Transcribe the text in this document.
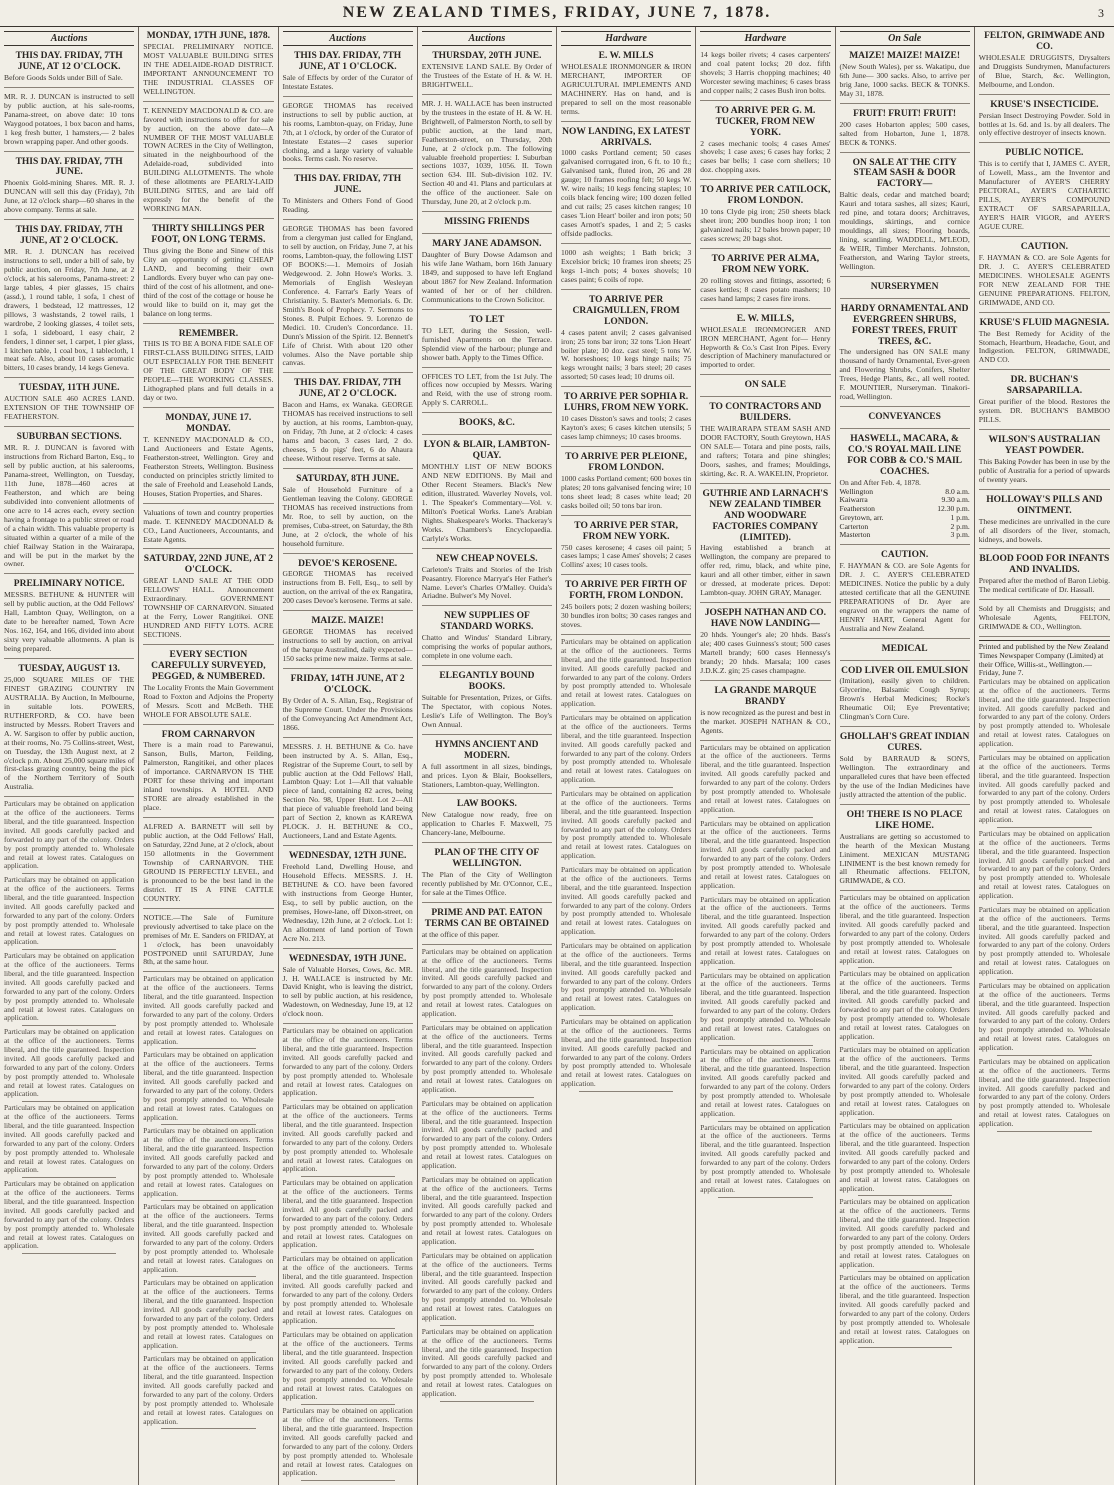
NEW ZEALAND TIMES, FRIDAY, JUNE 7, 1878.	3
Auctions
THIS DAY. FRIDAY, 7TH JUNE, AT 12 O'CLOCK.
Before Goods Solds under Bill of Sale.
MR. R. J. DUNCAN is instructed to sell by public auction, at his sale-rooms, Panama-street, on above date: 10 tons Waygood potatoes, 1 box bacon and hams, 1 keg fresh butter, 1 hamsters,— 2 bales brown wrapping paper. And other goods.
THIS DAY. FRIDAY, 7TH JUNE.
Phoenix Gold-mining Shares. MR. R. J. DUNCAN will sell this day (Friday), 7th June, at 12 o'clock sharp—60 shares in the above company. Terms at sale.
THIS DAY. FRIDAY, 7TH JUNE, AT 2 O'CLOCK.
MR. R. J. DUNCAN has received instructions to sell, under a bill of sale, by public auction, on Friday, 7th June, at 2 o'clock, at his salerooms, Panama-street: 2 large tables, 4 pier glasses, 15 chairs (assd.), 1 round table, 1 sofa, 1 chest of drawers, 1 bedstead, 12 mattresses, 12 pillows, 3 washstands, 2 towel rails, 1 wardrobe, 2 looking glasses, 4 toilet sets, 1 sofa, 1 sideboard, 1 easy chair, 2 fenders, 1 dinner set, 1 carpet, 1 pier glass, 1 kitchen table, 1 coal box, 1 tablecloth, 1 meat safe. Also, about 10 cases aromatic bitters, 10 cases brandy, 14 kegs Geneva.
TUESDAY, 11TH JUNE.
AUCTION SALE 460 ACRES LAND. EXTENSION OF THE TOWNSHIP OF FEATHERSTON.
SUBURBAN SECTIONS.
MR. R. J. DUNCAN is favored with instructions from Richard Barton, Esq., to sell by public auction, at his salerooms, Panama-street, Wellington, on Tuesday, 11th June, 1878—460 acres at Featherston, and which are being subdivided into convenient allotments of one acre to 14 acres each, every section having a frontage to a public street or road of a chain width. This valuable property is situated within a quarter of a mile of the chief Railway Station in the Wairarapa, and will be put in the market by the owner.
PRELIMINARY NOTICE.
MESSRS. BETHUNE & HUNTER will sell by public auction, at the Odd Fellows' Hall, Lambton Quay, Wellington, on a date to be hereafter named, Town Acre Nos. 162, 164, and 166, divided into about sixty very valuable allotments. A plan is being prepared.
TUESDAY, AUGUST 13.
25,000 SQUARE MILES OF THE FINEST GRAZING COUNTRY IN AUSTRALIA. By Auction, In Melbourne, in suitable lots. POWERS, RUTHERFORD, & CO. have been instructed by Messrs. Robert Travers and A. W. Sargison to offer by public auction, at their rooms, No. 75 Collins-street, West, on Tuesday, the 13th August next, at 2 o'clock p.m. About 25,000 square miles of first-class grazing country, being the pick of the Northern Territory of South Australia.
Particulars may be obtained on application at the office of the auctioneers. Terms liberal, and the title guaranteed. Inspection invited. All goods carefully packed and forwarded to any part of the colony. Orders by post promptly attended to. Wholesale and retail at lowest rates. Catalogues on application.
Particulars may be obtained on application at the office of the auctioneers. Terms liberal, and the title guaranteed. Inspection invited. All goods carefully packed and forwarded to any part of the colony. Orders by post promptly attended to. Wholesale and retail at lowest rates. Catalogues on application.
Particulars may be obtained on application at the office of the auctioneers. Terms liberal, and the title guaranteed. Inspection invited. All goods carefully packed and forwarded to any part of the colony. Orders by post promptly attended to. Wholesale and retail at lowest rates. Catalogues on application.
Particulars may be obtained on application at the office of the auctioneers. Terms liberal, and the title guaranteed. Inspection invited. All goods carefully packed and forwarded to any part of the colony. Orders by post promptly attended to. Wholesale and retail at lowest rates. Catalogues on application.
Particulars may be obtained on application at the office of the auctioneers. Terms liberal, and the title guaranteed. Inspection invited. All goods carefully packed and forwarded to any part of the colony. Orders by post promptly attended to. Wholesale and retail at lowest rates. Catalogues on application.
Particulars may be obtained on application at the office of the auctioneers. Terms liberal, and the title guaranteed. Inspection invited. All goods carefully packed and forwarded to any part of the colony. Orders by post promptly attended to. Wholesale and retail at lowest rates. Catalogues on application.
MONDAY, 17TH JUNE, 1878.
SPECIAL PRELIMINARY NOTICE. MOST VALUABLE BUILDING SITES IN THE ADELAIDE-ROAD DISTRICT. IMPORTANT ANNOUNCEMENT TO THE INDUSTRIAL CLASSES OF WELLINGTON.
T. KENNEDY MACDONALD & CO. are favored with instructions to offer for sale by auction, on the above date—A NUMBER OF THE MOST VALUABLE TOWN ACRES in the City of Wellington, situated in the neighbourhood of the Adelaide-road, subdivided into BUILDING ALLOTMENTS. The whole of these allotments are PEARLY-LAID BUILDING SITES, and are laid off expressly for the benefit of the WORKING MAN.
THIRTY SHILLINGS PER FOOT, ON LONG TERMS.
Thus giving the Bone and Sinew of this City an opportunity of getting CHEAP LAND, and becoming their own Landlords. Every buyer who can pay one-third of the cost of his allotment, and one-third of the cost of the cottage or house he would like to build on it, may get the balance on long terms.
REMEMBER.
THIS IS TO BE A BONA FIDE SALE OF FIRST-CLASS BUILDING SITES, LAID OUT ESPECIALLY FOR THE BENEFIT OF THE GREAT BODY OF THE PEOPLE—THE WORKING CLASSES. Lithographed plans and full details in a day or two.
MONDAY, JUNE 17. MONDAY.
T. KENNEDY MACDONALD & CO., Land Auctioneers and Estate Agents, Featherston-street, Wellington. Grey and Featherston Streets, Wellington. Business conducted on principles strictly limited to the sale of Freehold and Leasehold Lands, Houses, Station Properties, and Shares.
Valuations of town and country properties made. T. KENNEDY MACDONALD & CO., Land Auctioneers, Accountants, and Estate Agents.
SATURDAY, 22ND JUNE, AT 2 O'CLOCK.
GREAT LAND SALE AT THE ODD FELLOWS' HALL. Announcement Extraordinary. GOVERNMENT TOWNSHIP OF CARNARVON. Situated at the Ferry, Lower Rangitikei. ONE HUNDRED AND FIFTY LOTS. ACRE SECTIONS.
EVERY SECTION CAREFULLY SURVEYED, PEGGED, & NUMBERED.
The Locality Fronts the Main Government Road to Foxton and Adjoins the Property of Messrs. Scott and McBeth. THE WHOLE FOR ABSOLUTE SALE.
FROM CARNARVON
There is a main road to Parewanui, Sanson, Bulls, Marton, Feilding, Palmerston, Rangitikei, and other places of importance. CARNARVON IS THE PORT for these thriving and important inland townships. A HOTEL AND STORE are already established in the place.
ALFRED A. BARNETT will sell by public auction, at the Odd Fellows' Hall, on Saturday, 22nd June, at 2 o'clock, about 150 allotments in the Government Township of CARNARVON. THE GROUND IS PERFECTLY LEVEL, and is pronounced to be the best land in the district. IT IS A FINE CATTLE COUNTRY.
NOTICE.—The Sale of Furniture previously advertised to take place on the premises of Mr. E. Sanders on FRIDAY, at 1 o'clock, has been unavoidably POSTPONED until SATURDAY, June 8th, at the same hour.
Particulars may be obtained on application at the office of the auctioneers. Terms liberal, and the title guaranteed. Inspection invited. All goods carefully packed and forwarded to any part of the colony. Orders by post promptly attended to. Wholesale and retail at lowest rates. Catalogues on application.
Particulars may be obtained on application at the office of the auctioneers. Terms liberal, and the title guaranteed. Inspection invited. All goods carefully packed and forwarded to any part of the colony. Orders by post promptly attended to. Wholesale and retail at lowest rates. Catalogues on application.
Particulars may be obtained on application at the office of the auctioneers. Terms liberal, and the title guaranteed. Inspection invited. All goods carefully packed and forwarded to any part of the colony. Orders by post promptly attended to. Wholesale and retail at lowest rates. Catalogues on application.
Particulars may be obtained on application at the office of the auctioneers. Terms liberal, and the title guaranteed. Inspection invited. All goods carefully packed and forwarded to any part of the colony. Orders by post promptly attended to. Wholesale and retail at lowest rates. Catalogues on application.
Particulars may be obtained on application at the office of the auctioneers. Terms liberal, and the title guaranteed. Inspection invited. All goods carefully packed and forwarded to any part of the colony. Orders by post promptly attended to. Wholesale and retail at lowest rates. Catalogues on application.
Particulars may be obtained on application at the office of the auctioneers. Terms liberal, and the title guaranteed. Inspection invited. All goods carefully packed and forwarded to any part of the colony. Orders by post promptly attended to. Wholesale and retail at lowest rates. Catalogues on application.
Auctions
THIS DAY. FRIDAY, 7TH JUNE, AT 1 O'CLOCK.
Sale of Effects by order of the Curator of Intestate Estates.
GEORGE THOMAS has received instructions to sell by public auction, at his rooms, Lambton-quay, on Friday, June 7th, at 1 o'clock, by order of the Curator of Intestate Estates—2 cases superior clothing, and a large variety of valuable books. Terms cash. No reserve.
THIS DAY. FRIDAY, 7TH JUNE.
To Ministers and Others Fond of Good Reading.
GEORGE THOMAS has been favored from a clergyman just called for England, to sell by auction, on Friday, June 7, at his rooms, Lambton-quay, the following LIST OF BOOKS:—1. Memoirs of Josiah Wedgewood. 2. John Howe's Works. 3. Memorials of English Wesleyan Conference. 4. Farrar's Early Years of Christianity. 5. Baxter's Memorials. 6. Dr. Smith's Book of Prophecy. 7. Sermons to Stones. 8. Pulpit Echoes. 9. Lorenzo de Medici. 10. Cruden's Concordance. 11. Dunn's Mission of the Spirit. 12. Bennett's Life of Christ. With about 120 other volumes. Also the Nave portable ship canvas.
THIS DAY. FRIDAY, 7TH JUNE, AT 2 O'CLOCK.
Bacon and Hams, ex Wanaka. GEORGE THOMAS has received instructions to sell by auction, at his rooms, Lambton-quay, on Friday, 7th June, at 2 o'clock: 4 cases hams and bacon, 3 cases lard, 2 do. cheeses, 5 do pigs' feet, 6 do Ahaura cheese. Without reserve. Terms at sale.
SATURDAY, 8TH JUNE.
Sale of Household Furniture of a Gentleman leaving the Colony. GEORGE THOMAS has received instructions from Mr. Roe, to sell by auction, on the premises, Cuba-street, on Saturday, the 8th June, at 2 o'clock, the whole of his household furniture.
DEVOE'S KEROSENE.
GEORGE THOMAS has received instructions from B. Fell, Esq., to sell by auction, on the arrival of the ex Rangatira, 200 cases Devoe's kerosene. Terms at sale.
MAIZE. MAIZE!
GEORGE THOMAS has received instructions to sell by auction, on arrival of the barque Australind, daily expected—150 sacks prime new maize. Terms at sale.
FRIDAY, 14TH JUNE, AT 2 O'CLOCK.
By Order of A. S. Allan, Esq., Registrar of the Supreme Court. Under the Provisions of the Conveyancing Act Amendment Act, 1866.
MESSRS. J. H. BETHUNE & Co. have been instructed by A. S. Allan, Esq., Registrar of the Supreme Court, to sell by public auction at the Odd Fellows' Hall, Lambton Quay: Lot 1—All that valuable piece of land, containing 82 acres, being Section No. 98, Upper Hutt. Lot 2—All that piece of valuable freehold land being part of Section 2, known as KAREWA PLOCK. J. H. BETHUNE & CO., Auctioneers, Land and Estate Agents.
WEDNESDAY, 12TH JUNE.
Freehold Land, Dwelling House, and Household Effects. MESSRS. J. H. BETHUNE & CO. have been favored with instructions from George Hunter, Esq., to sell by public auction, on the premises, Howe-lane, off Dixon-street, on Wednesday, 12th June, at 2 o'clock. Lot 1: An allotment of land portion of Town Acre No. 213.
WEDNESDAY, 19TH JUNE.
Sale of Valuable Horses, Cows, &c. MR. J. H. WALLACE is instructed by Mr. David Knight, who is leaving the district, to sell by public auction, at his residence, Wadestown, on Wednesday, June 19, at 12 o'clock noon.
Particulars may be obtained on application at the office of the auctioneers. Terms liberal, and the title guaranteed. Inspection invited. All goods carefully packed and forwarded to any part of the colony. Orders by post promptly attended to. Wholesale and retail at lowest rates. Catalogues on application.
Particulars may be obtained on application at the office of the auctioneers. Terms liberal, and the title guaranteed. Inspection invited. All goods carefully packed and forwarded to any part of the colony. Orders by post promptly attended to. Wholesale and retail at lowest rates. Catalogues on application.
Particulars may be obtained on application at the office of the auctioneers. Terms liberal, and the title guaranteed. Inspection invited. All goods carefully packed and forwarded to any part of the colony. Orders by post promptly attended to. Wholesale and retail at lowest rates. Catalogues on application.
Particulars may be obtained on application at the office of the auctioneers. Terms liberal, and the title guaranteed. Inspection invited. All goods carefully packed and forwarded to any part of the colony. Orders by post promptly attended to. Wholesale and retail at lowest rates. Catalogues on application.
Particulars may be obtained on application at the office of the auctioneers. Terms liberal, and the title guaranteed. Inspection invited. All goods carefully packed and forwarded to any part of the colony. Orders by post promptly attended to. Wholesale and retail at lowest rates. Catalogues on application.
Particulars may be obtained on application at the office of the auctioneers. Terms liberal, and the title guaranteed. Inspection invited. All goods carefully packed and forwarded to any part of the colony. Orders by post promptly attended to. Wholesale and retail at lowest rates. Catalogues on application.
Auctions
THURSDAY, 20TH JUNE.
EXTENSIVE LAND SALE. By Order of the Trustees of the Estate of H. & W. H. BRIGHTWELL.
MR. J. H. WALLACE has been instructed by the trustees in the estate of H. & W. H. Brightwell, of Palmerston North, to sell by public auction, at the land mart, Featherston-street, on Thursday, 20th June, at 2 o'clock p.m. The following valuable freehold properties: I. Suburban sections 1037, 1039, 1056. II. Town section 634. III. Sub-division 102. IV. Section 40 and 41. Plans and particulars at the office of the auctioneer. Sale on Thursday, June 20, at 2 o'clock p.m.
MISSING FRIENDS
MARY JANE ADAMSON.
Daughter of Bury Dowse Adamson and his wife Jane Watham, born 16th January 1849, and supposed to have left England about 1867 for New Zealand. Information wanted of her or of her children. Communications to the Crown Solicitor.
TO LET
TO LET, during the Session, well-furnished Apartments on the Terrace. Splendid view of the harbour; plunge and shower bath. Apply to the Times Office.
OFFICES TO LET, from the 1st July. The offices now occupied by Messrs. Waring and Reid, with the use of strong room. Apply S. CARROLL.
BOOKS, &C.
LYON & BLAIR, LAMBTON-QUAY.
MONTHLY LIST OF NEW BOOKS AND NEW EDITIONS. By Mail and Other Recent Steamers. Black's New edition, illustrated. Waverley Novels, vol. 1. The Speaker's Commentary—Vol. v. Milton's Poetical Works. Lane's Arabian Nights. Shakespeare's Works. Thackeray's Works. Chambers's Encyclopaedia. Carlyle's Works.
NEW CHEAP NOVELS.
Carleton's Traits and Stories of the Irish Peasantry. Florence Marryat's Her Father's Name. Lever's Charles O'Malley. Ouida's Ariadne. Bulwer's My Novel.
NEW SUPPLIES OF STANDARD WORKS.
Chatto and Windus' Standard Library, comprising the works of popular authors, complete in one volume each.
ELEGANTLY BOUND BOOKS.
Suitable for Presentation, Prizes, or Gifts. The Spectator, with copious Notes. Leslie's Life of Wellington. The Boy's Own Annual.
HYMNS ANCIENT AND MODERN.
A full assortment in all sizes, bindings, and prices. Lyon & Blair, Booksellers, Stationers, Lambton-quay, Wellington.
LAW BOOKS.
New Catalogue now ready, free on application to Charles F. Maxwell, 75 Chancery-lane, Melbourne.
PLAN OF THE CITY OF WELLINGTON.
The Plan of the City of Wellington recently published by Mr. O'Connor, C.E., for sale at the Times Office.
PRIME AND PAT. EATON TERMS CAN BE OBTAINED
at the office of this paper.
Particulars may be obtained on application at the office of the auctioneers. Terms liberal, and the title guaranteed. Inspection invited. All goods carefully packed and forwarded to any part of the colony. Orders by post promptly attended to. Wholesale and retail at lowest rates. Catalogues on application.
Particulars may be obtained on application at the office of the auctioneers. Terms liberal, and the title guaranteed. Inspection invited. All goods carefully packed and forwarded to any part of the colony. Orders by post promptly attended to. Wholesale and retail at lowest rates. Catalogues on application.
Particulars may be obtained on application at the office of the auctioneers. Terms liberal, and the title guaranteed. Inspection invited. All goods carefully packed and forwarded to any part of the colony. Orders by post promptly attended to. Wholesale and retail at lowest rates. Catalogues on application.
Particulars may be obtained on application at the office of the auctioneers. Terms liberal, and the title guaranteed. Inspection invited. All goods carefully packed and forwarded to any part of the colony. Orders by post promptly attended to. Wholesale and retail at lowest rates. Catalogues on application.
Particulars may be obtained on application at the office of the auctioneers. Terms liberal, and the title guaranteed. Inspection invited. All goods carefully packed and forwarded to any part of the colony. Orders by post promptly attended to. Wholesale and retail at lowest rates. Catalogues on application.
Particulars may be obtained on application at the office of the auctioneers. Terms liberal, and the title guaranteed. Inspection invited. All goods carefully packed and forwarded to any part of the colony. Orders by post promptly attended to. Wholesale and retail at lowest rates. Catalogues on application.
Hardware
E. W. MILLS
WHOLESALE IRONMONGER & IRON MERCHANT, IMPORTER OF AGRICULTURAL IMPLEMENTS AND MACHINERY. Has on hand, and is prepared to sell on the most reasonable terms.
NOW LANDING, EX LATEST ARRIVALS.
1000 casks Portland cement; 50 cases galvanised corrugated iron, 6 ft. to 10 ft.; Galvanised tank, fluted iron, 26 and 28 gauge; 10 frames roofing felt; 50 kegs W. W. wire nails; 10 kegs fencing staples; 10 coils black fencing wire; 100 dozen felled and cut rails; 25 cases kitchen ranges; 10 cases 'Lion Heart' boiler and iron pots; 50 cases Arnott's spades, 1 and 2; 5 casks offside padlocks.
1000 ash weights; 1 Bath brick; 3 Excelsior brick; 10 frames iron sheets; 25 kegs 1-inch pots; 4 boxes shovels; 10 cases paint; 6 coils of rope.
TO ARRIVE PER CRAIGMULLEN, FROM LONDON.
4 cases patent anvil; 2 cases galvanised iron; 25 tons bar iron; 32 tons 'Lion Heart' boiler plate; 10 doz. cast steel; 5 tons W. W. horseshoes; 10 kegs hinge nails; 75 kegs wrought nails; 3 bars steel; 20 cases assorted; 50 cases lead; 10 drums oil.
TO ARRIVE PER SOPHIA R. LUHRS, FROM NEW YORK.
10 cases Disston's saws and tools; 2 cases Kayton's axes; 6 cases kitchen utensils; 5 cases lamp chimneys; 10 cases brooms.
TO ARRIVE PER PLEIONE, FROM LONDON.
1000 casks Portland cement; 600 boxes tin plates; 20 tons galvanised fencing wire; 10 tons sheet lead; 8 cases white lead; 20 casks boiled oil; 50 tons bar iron.
TO ARRIVE PER STAR, FROM NEW YORK.
750 cases kerosene; 4 cases oil paint; 5 cases lamps; 1 case Ames' shovels; 2 cases Collins' axes; 10 cases tools.
TO ARRIVE PER FIRTH OF FORTH, FROM LONDON.
245 boilers pots; 2 dozen washing boilers; 30 bundles iron bolts; 30 cases ranges and stoves.
Particulars may be obtained on application at the office of the auctioneers. Terms liberal, and the title guaranteed. Inspection invited. All goods carefully packed and forwarded to any part of the colony. Orders by post promptly attended to. Wholesale and retail at lowest rates. Catalogues on application.
Particulars may be obtained on application at the office of the auctioneers. Terms liberal, and the title guaranteed. Inspection invited. All goods carefully packed and forwarded to any part of the colony. Orders by post promptly attended to. Wholesale and retail at lowest rates. Catalogues on application.
Particulars may be obtained on application at the office of the auctioneers. Terms liberal, and the title guaranteed. Inspection invited. All goods carefully packed and forwarded to any part of the colony. Orders by post promptly attended to. Wholesale and retail at lowest rates. Catalogues on application.
Particulars may be obtained on application at the office of the auctioneers. Terms liberal, and the title guaranteed. Inspection invited. All goods carefully packed and forwarded to any part of the colony. Orders by post promptly attended to. Wholesale and retail at lowest rates. Catalogues on application.
Particulars may be obtained on application at the office of the auctioneers. Terms liberal, and the title guaranteed. Inspection invited. All goods carefully packed and forwarded to any part of the colony. Orders by post promptly attended to. Wholesale and retail at lowest rates. Catalogues on application.
Particulars may be obtained on application at the office of the auctioneers. Terms liberal, and the title guaranteed. Inspection invited. All goods carefully packed and forwarded to any part of the colony. Orders by post promptly attended to. Wholesale and retail at lowest rates. Catalogues on application.
Hardware
14 kegs boiler rivets; 4 cases carpenters' and coal patent locks; 20 doz. fifth shovels; 3 Harris chopping machines; 40 Worcester sewing machines; 6 cases brass and copper nails; 2 cases Bush iron bolts.
TO ARRIVE PER G. M. TUCKER, FROM NEW YORK.
2 cases mechanic tools; 4 cases Ames' shovels; 1 case axes; 6 cases hay forks; 2 cases bar bells; 1 case corn shellers; 10 doz. chopping axes.
TO ARRIVE PER CATILOCK, FROM LONDON.
10 tons Clyde pig iron; 250 sheets black sheet iron; 200 bundles hoop iron; 1 ton galvanized nails; 12 bales brown paper; 10 cases screws; 20 bags shot.
TO ARRIVE PER ALMA, FROM NEW YORK.
20 rolling stoves and fittings, assorted; 6 cases kettles; 8 cases potato mashers; 10 cases hand lamps; 2 cases fire irons.
E. W. MILLS,
WHOLESALE IRONMONGER AND IRON MERCHANT, Agent for— Henry Hepworth & Co.'s Cast Iron Pipes. Every description of Machinery manufactured or imported to order.
ON SALE
TO CONTRACTORS AND BUILDERS.
THE WAIRARAPA STEAM SASH AND DOOR FACTORY, South Greytown, HAS ON SALE— Totara and pine posts, rails, and rafters; Totara and pine shingles; Doors, sashes, and frames; Mouldings, skirting, &c. R. A. WAKELIN, Proprietor.
GUTHRIE AND LARNACH'S NEW ZEALAND TIMBER AND WOODWARE FACTORIES COMPANY (LIMITED).
Having established a branch at Wellington, the company are prepared to offer red, rimu, black, and white pine, kauri and all other timber, either in sawn or dressed, at moderate prices. Depot: Lambton-quay. JOHN GRAY, Manager.
JOSEPH NATHAN AND CO. HAVE NOW LANDING—
20 hhds. Younger's ale; 20 hhds. Bass's ale; 400 cases Guinness's stout; 500 cases Martell brandy; 600 cases Hennessy's brandy; 20 hhds. Marsala; 100 cases J.D.K.Z. gin; 25 cases champagne.
LA GRANDE MARQUE BRANDY
is now recognized as the purest and best in the market. JOSEPH NATHAN & CO., Agents.
Particulars may be obtained on application at the office of the auctioneers. Terms liberal, and the title guaranteed. Inspection invited. All goods carefully packed and forwarded to any part of the colony. Orders by post promptly attended to. Wholesale and retail at lowest rates. Catalogues on application.
Particulars may be obtained on application at the office of the auctioneers. Terms liberal, and the title guaranteed. Inspection invited. All goods carefully packed and forwarded to any part of the colony. Orders by post promptly attended to. Wholesale and retail at lowest rates. Catalogues on application.
Particulars may be obtained on application at the office of the auctioneers. Terms liberal, and the title guaranteed. Inspection invited. All goods carefully packed and forwarded to any part of the colony. Orders by post promptly attended to. Wholesale and retail at lowest rates. Catalogues on application.
Particulars may be obtained on application at the office of the auctioneers. Terms liberal, and the title guaranteed. Inspection invited. All goods carefully packed and forwarded to any part of the colony. Orders by post promptly attended to. Wholesale and retail at lowest rates. Catalogues on application.
Particulars may be obtained on application at the office of the auctioneers. Terms liberal, and the title guaranteed. Inspection invited. All goods carefully packed and forwarded to any part of the colony. Orders by post promptly attended to. Wholesale and retail at lowest rates. Catalogues on application.
Particulars may be obtained on application at the office of the auctioneers. Terms liberal, and the title guaranteed. Inspection invited. All goods carefully packed and forwarded to any part of the colony. Orders by post promptly attended to. Wholesale and retail at lowest rates. Catalogues on application.
On Sale
MAIZE! MAIZE! MAIZE!
(New South Wales), per ss. Wakatipu, due 6th June— 300 sacks. Also, to arrive per brig Jane, 1000 sacks. BECK & TONKS. May 31, 1878.
FRUIT! FRUIT! FRUIT!
200 cases Hobarton apples; 500 cases, salted from Hobarton, June 1, 1878. BECK & TONKS.
ON SALE AT THE CITY STEAM SASH & DOOR FACTORY—
Baltic deals, cedar and matched board; Kauri and totara sashes, all sizes; Kauri, red pine, and totara doors; Architraves, mouldings, skirtings, and cornice mouldings, all sizes; Flooring boards, lining, scantling. WADDELL, M'LEOD, & WEIR, Timber Merchants. Johnston, Featherston, and Waring Taylor streets, Wellington.
NURSERYMEN
HARDY ORNAMENTAL AND EVERGREEN SHRUBS, FOREST TREES, FRUIT TREES, &C.
The undersigned has ON SALE many thousand of hardy Ornamental, Ever-green and Flowering Shrubs, Conifers, Shelter Trees, Hedge Plants, &c., all well rooted. F. MOUNTIER, Nurseryman. Tinakori-road, Wellington.
CONVEYANCES
HASWELL, MACARA, & CO.'S ROYAL MAIL LINE FOR COBB & CO.'S MAIL COACHES.
On and After Feb. 4, 1878.
Wellington	8.0 a.m.
Kaiwarra	9.30 a.m.
Featherston	12.30 p.m.
Greytown, arr.	1 p.m.
Carterton	2 p.m.
Masterton	3 p.m.
CAUTION.
F. HAYMAN & CO. are Sole Agents for DR. J. C. AYER'S CELEBRATED MEDICINES. Notice the public by a duly attested certificate that all the GENUINE PREPARATIONS of Dr. Ayer are engraved on the wrappers the name of HENRY HART, General Agent for Australia and New Zealand.
MEDICAL
COD LIVER OIL EMULSION
(Imitation), easily given to children. Glycerine, Balsamic Cough Syrup; Brown's Herbal Medicines; Rocke's Rheumatic Oil; Eye Preventative; Clingman's Corn Cure.
GHOLLAH'S GREAT INDIAN CURES.
Sold by BARRAUD & SON'S, Wellington. The extraordinary and unparalleled cures that have been effected by the use of the Indian Medicines have justly attracted the attention of the public.
OH! THERE IS NO PLACE LIKE HOME.
Australians are getting so accustomed to the hearth of the Mexican Mustang Liniment. MEXICAN MUSTANG LINIMENT is the best known remedy for all Rheumatic affections. FELTON, GRIMWADE, & CO.
Particulars may be obtained on application at the office of the auctioneers. Terms liberal, and the title guaranteed. Inspection invited. All goods carefully packed and forwarded to any part of the colony. Orders by post promptly attended to. Wholesale and retail at lowest rates. Catalogues on application.
Particulars may be obtained on application at the office of the auctioneers. Terms liberal, and the title guaranteed. Inspection invited. All goods carefully packed and forwarded to any part of the colony. Orders by post promptly attended to. Wholesale and retail at lowest rates. Catalogues on application.
Particulars may be obtained on application at the office of the auctioneers. Terms liberal, and the title guaranteed. Inspection invited. All goods carefully packed and forwarded to any part of the colony. Orders by post promptly attended to. Wholesale and retail at lowest rates. Catalogues on application.
Particulars may be obtained on application at the office of the auctioneers. Terms liberal, and the title guaranteed. Inspection invited. All goods carefully packed and forwarded to any part of the colony. Orders by post promptly attended to. Wholesale and retail at lowest rates. Catalogues on application.
Particulars may be obtained on application at the office of the auctioneers. Terms liberal, and the title guaranteed. Inspection invited. All goods carefully packed and forwarded to any part of the colony. Orders by post promptly attended to. Wholesale and retail at lowest rates. Catalogues on application.
Particulars may be obtained on application at the office of the auctioneers. Terms liberal, and the title guaranteed. Inspection invited. All goods carefully packed and forwarded to any part of the colony. Orders by post promptly attended to. Wholesale and retail at lowest rates. Catalogues on application.
FELTON, GRIMWADE AND CO.
WHOLESALE DRUGGISTS, Drysalters and Druggists Sundrymen, Manufacturers of Blue, Starch, &c. Wellington, Melbourne, and London.
KRUSE'S INSECTICIDE.
Persian Insect Destroying Powder. Sold in bottles at 1s. 6d. and 1s. by all dealers. The only effective destroyer of insects known.
PUBLIC NOTICE.
This is to certify that I, JAMES C. AYER, of Lowell, Mass., am the Inventor and Manufacturer of AYER'S CHERRY PECTORAL, AYER'S CATHARTIC PILLS, AYER'S COMPOUND EXTRACT OF SARSAPARILLA, AYER'S HAIR VIGOR, and AYER'S AGUE CURE.
CAUTION.
F. HAYMAN & CO. are Sole Agents for DR. J. C. AYER'S CELEBRATED MEDICINES. WHOLESALE AGENTS FOR NEW ZEALAND FOR THE GENUINE PREPARATIONS. FELTON, GRIMWADE, AND CO.
KRUSE'S FLUID MAGNESIA.
The Best Remedy for Acidity of the Stomach, Heartburn, Headache, Gout, and Indigestion. FELTON, GRIMWADE, AND CO.
DR. BUCHAN'S SARSAPARILLA.
Great purifier of the blood. Restores the system. DR. BUCHAN'S BAMBOO PILLS.
WILSON'S AUSTRALIAN YEAST POWDER.
This Baking Powder has been in use by the public of Australia for a period of upwards of twenty years.
HOLLOWAY'S PILLS AND OINTMENT.
These medicines are unrivalled in the cure of all disorders of the liver, stomach, kidneys, and bowels.
BLOOD FOOD FOR INFANTS AND INVALIDS.
Prepared after the method of Baron Liebig. The medical certificate of Dr. Hassall.
Sold by all Chemists and Druggists; and Wholesale Agents, FELTON, GRIMWADE & CO., Wellington.
Printed and published by the New Zealand Times Newspaper Company (Limited) at their Office, Willis-st., Wellington.—Friday, June 7.
Particulars may be obtained on application at the office of the auctioneers. Terms liberal, and the title guaranteed. Inspection invited. All goods carefully packed and forwarded to any part of the colony. Orders by post promptly attended to. Wholesale and retail at lowest rates. Catalogues on application.
Particulars may be obtained on application at the office of the auctioneers. Terms liberal, and the title guaranteed. Inspection invited. All goods carefully packed and forwarded to any part of the colony. Orders by post promptly attended to. Wholesale and retail at lowest rates. Catalogues on application.
Particulars may be obtained on application at the office of the auctioneers. Terms liberal, and the title guaranteed. Inspection invited. All goods carefully packed and forwarded to any part of the colony. Orders by post promptly attended to. Wholesale and retail at lowest rates. Catalogues on application.
Particulars may be obtained on application at the office of the auctioneers. Terms liberal, and the title guaranteed. Inspection invited. All goods carefully packed and forwarded to any part of the colony. Orders by post promptly attended to. Wholesale and retail at lowest rates. Catalogues on application.
Particulars may be obtained on application at the office of the auctioneers. Terms liberal, and the title guaranteed. Inspection invited. All goods carefully packed and forwarded to any part of the colony. Orders by post promptly attended to. Wholesale and retail at lowest rates. Catalogues on application.
Particulars may be obtained on application at the office of the auctioneers. Terms liberal, and the title guaranteed. Inspection invited. All goods carefully packed and forwarded to any part of the colony. Orders by post promptly attended to. Wholesale and retail at lowest rates. Catalogues on application.
